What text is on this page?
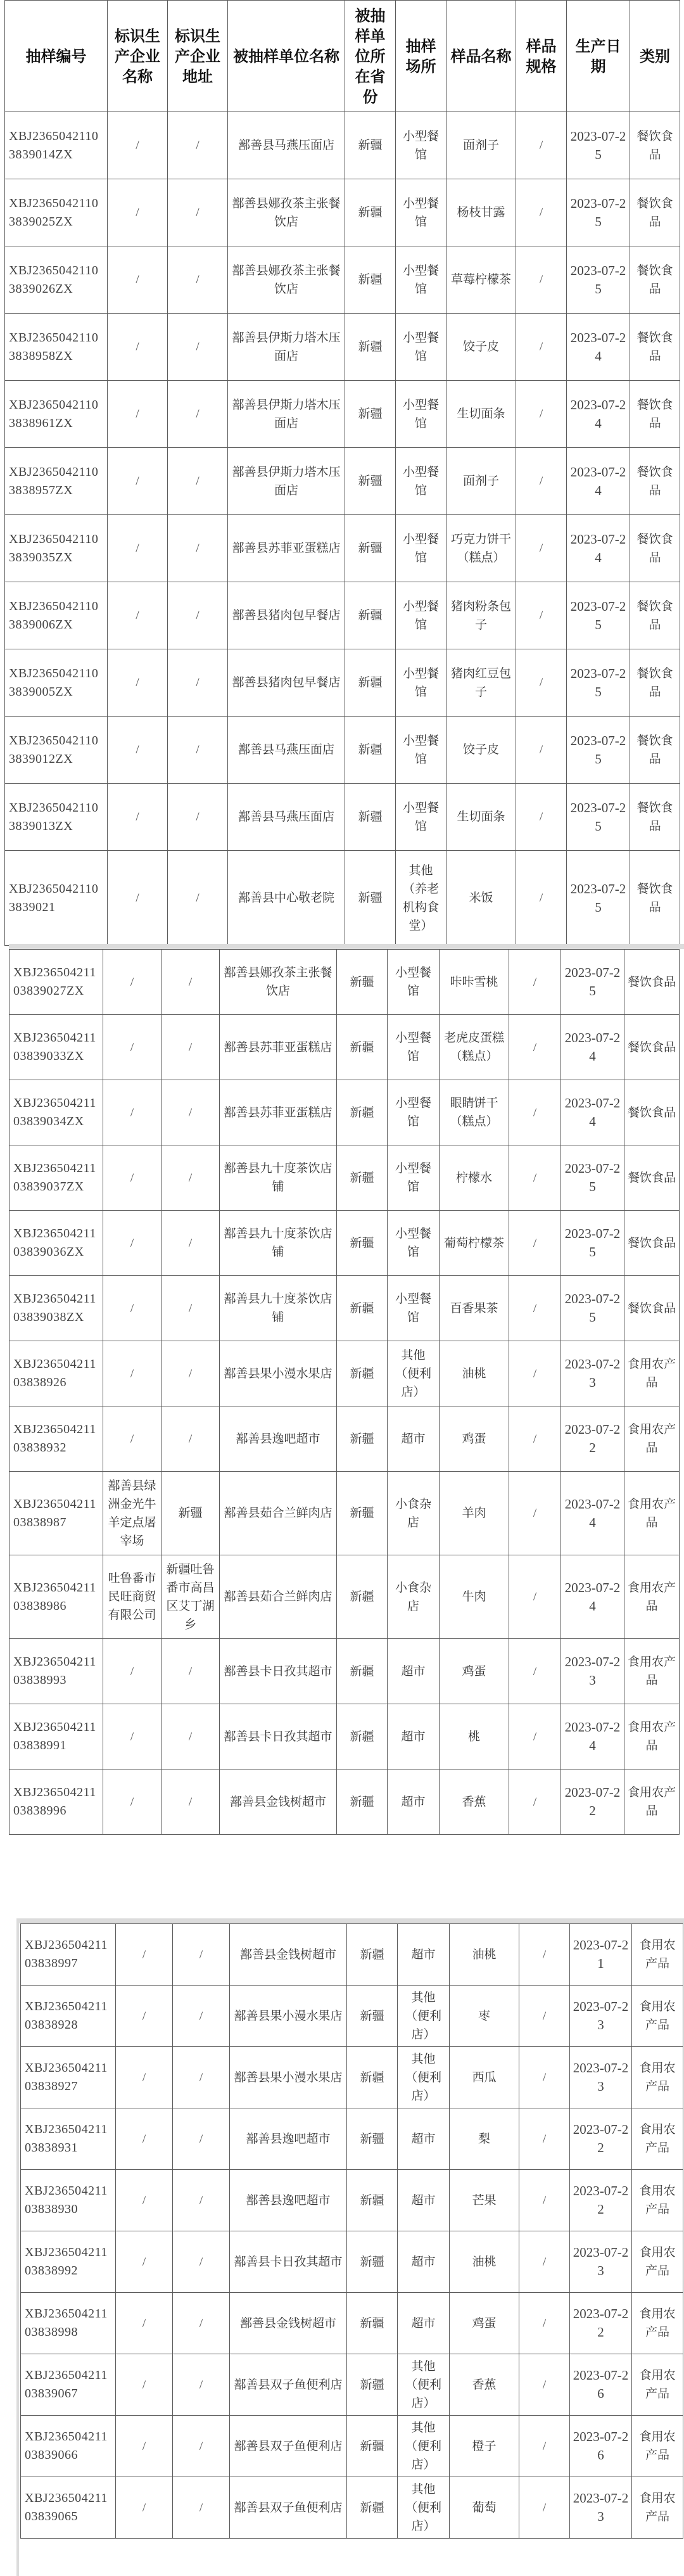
抽样编号	标识生产企业名称	标识生产企业地址	被抽样单位名称	被抽样单位所在省份	抽样场所	样品名称	样品规格	生产日期	类别
XBJ23650421103839014ZX	/	/	鄯善县马燕压面店	新疆	小型餐馆	面剂子	/	2023-07-25	餐饮食品
XBJ23650421103839025ZX	/	/	鄯善县娜孜茶主张餐饮店	新疆	小型餐馆	杨枝甘露	/	2023-07-25	餐饮食品
XBJ23650421103839026ZX	/	/	鄯善县娜孜茶主张餐饮店	新疆	小型餐馆	草莓柠檬茶	/	2023-07-25	餐饮食品
XBJ23650421103838958ZX	/	/	鄯善县伊斯力塔木压面店	新疆	小型餐馆	饺子皮	/	2023-07-24	餐饮食品
XBJ23650421103838961ZX	/	/	鄯善县伊斯力塔木压面店	新疆	小型餐馆	生切面条	/	2023-07-24	餐饮食品
XBJ23650421103838957ZX	/	/	鄯善县伊斯力塔木压面店	新疆	小型餐馆	面剂子	/	2023-07-24	餐饮食品
XBJ23650421103839035ZX	/	/	鄯善县苏菲亚蛋糕店	新疆	小型餐馆	巧克力饼干（糕点）	/	2023-07-24	餐饮食品
XBJ23650421103839006ZX	/	/	鄯善县猪肉包早餐店	新疆	小型餐馆	猪肉粉条包子	/	2023-07-25	餐饮食品
XBJ23650421103839005ZX	/	/	鄯善县猪肉包早餐店	新疆	小型餐馆	猪肉红豆包子	/	2023-07-25	餐饮食品
XBJ23650421103839012ZX	/	/	鄯善县马燕压面店	新疆	小型餐馆	饺子皮	/	2023-07-25	餐饮食品
XBJ23650421103839013ZX	/	/	鄯善县马燕压面店	新疆	小型餐馆	生切面条	/	2023-07-25	餐饮食品
XBJ23650421103839021	/	/	鄯善县中心敬老院	新疆	其他（养老机构食堂）	米饭	/	2023-07-25	餐饮食品
XBJ23650421103839027ZX	/	/	鄯善县娜孜茶主张餐饮店	新疆	小型餐馆	咔咔雪桃	/	2023-07-25	餐饮食品
XBJ23650421103839033ZX	/	/	鄯善县苏菲亚蛋糕店	新疆	小型餐馆	老虎皮蛋糕（糕点）	/	2023-07-24	餐饮食品
XBJ23650421103839034ZX	/	/	鄯善县苏菲亚蛋糕店	新疆	小型餐馆	眼睛饼干（糕点）	/	2023-07-24	餐饮食品
XBJ23650421103839037ZX	/	/	鄯善县九十度茶饮店铺	新疆	小型餐馆	柠檬水	/	2023-07-25	餐饮食品
XBJ23650421103839036ZX	/	/	鄯善县九十度茶饮店铺	新疆	小型餐馆	葡萄柠檬茶	/	2023-07-25	餐饮食品
XBJ23650421103839038ZX	/	/	鄯善县九十度茶饮店铺	新疆	小型餐馆	百香果茶	/	2023-07-25	餐饮食品
XBJ23650421103838926	/	/	鄯善县果小漫水果店	新疆	其他（便利店）	油桃	/	2023-07-23	食用农产品
XBJ23650421103838932	/	/	鄯善县逸吧超市	新疆	超市	鸡蛋	/	2023-07-22	食用农产品
XBJ23650421103838987	鄯善县绿洲金光牛羊定点屠宰场	新疆	鄯善县茹合兰鲜肉店	新疆	小食杂店	羊肉	/	2023-07-24	食用农产品
XBJ23650421103838986	吐鲁番市民旺商贸有限公司	新疆吐鲁番市高昌区艾丁湖乡	鄯善县茹合兰鲜肉店	新疆	小食杂店	牛肉	/	2023-07-24	食用农产品
XBJ23650421103838993	/	/	鄯善县卡日孜其超市	新疆	超市	鸡蛋	/	2023-07-23	食用农产品
XBJ23650421103838991	/	/	鄯善县卡日孜其超市	新疆	超市	桃	/	2023-07-24	食用农产品
XBJ23650421103838996	/	/	鄯善县金钱树超市	新疆	超市	香蕉	/	2023-07-22	食用农产品
XBJ23650421103838997	/	/	鄯善县金钱树超市	新疆	超市	油桃	/	2023-07-21	食用农产品
XBJ23650421103838928	/	/	鄯善县果小漫水果店	新疆	其他（便利店）	枣	/	2023-07-23	食用农产品
XBJ23650421103838927	/	/	鄯善县果小漫水果店	新疆	其他（便利店）	西瓜	/	2023-07-23	食用农产品
XBJ23650421103838931	/	/	鄯善县逸吧超市	新疆	超市	梨	/	2023-07-22	食用农产品
XBJ23650421103838930	/	/	鄯善县逸吧超市	新疆	超市	芒果	/	2023-07-22	食用农产品
XBJ23650421103838992	/	/	鄯善县卡日孜其超市	新疆	超市	油桃	/	2023-07-23	食用农产品
XBJ23650421103838998	/	/	鄯善县金钱树超市	新疆	超市	鸡蛋	/	2023-07-22	食用农产品
XBJ23650421103839067	/	/	鄯善县双子鱼便利店	新疆	其他（便利店）	香蕉	/	2023-07-26	食用农产品
XBJ23650421103839066	/	/	鄯善县双子鱼便利店	新疆	其他（便利店）	橙子	/	2023-07-26	食用农产品
XBJ23650421103839065	/	/	鄯善县双子鱼便利店	新疆	其他（便利店）	葡萄	/	2023-07-23	食用农产品
